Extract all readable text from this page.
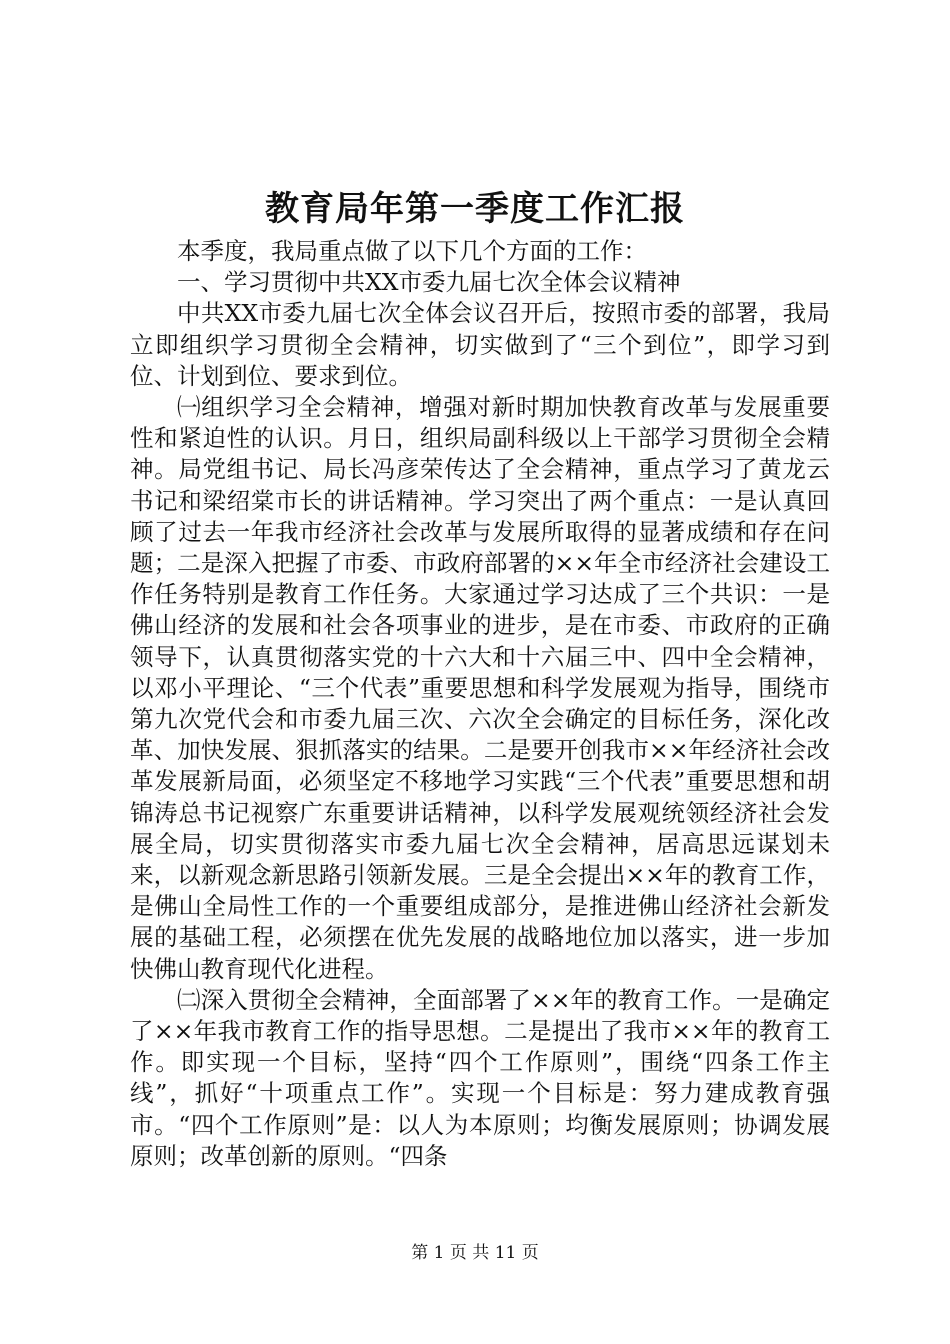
教育局年第一季度工作汇报

本季度，我局重点做了以下几个方面的工作：

一、学习贯彻中共XX市委九届七次全体会议精神

中共XX市委九届七次全体会议召开后，按照市委的部署，我局立即组织学习贯彻全会精神，切实做到了“三个到位”，即学习到位、计划到位、要求到位。

㈠组织学习全会精神，增强对新时期加快教育改革与发展重要性和紧迫性的认识。月日，组织局副科级以上干部学习贯彻全会精神。局党组书记、局长冯彦荣传达了全会精神，重点学习了黄龙云书记和梁绍棠市长的讲话精神。学习突出了两个重点：一是认真回顾了过去一年我市经济社会改革与发展所取得的显著成绩和存在问题；二是深入把握了市委、市政府部署的××年全市经济社会建设工作任务特别是教育工作任务。大家通过学习达成了三个共识：一是佛山经济的发展和社会各项事业的进步，是在市委、市政府的正确领导下，认真贯彻落实党的十六大和十六届三中、四中全会精神，以邓小平理论、“三个代表”重要思想和科学发展观为指导，围绕市第九次党代会和市委九届三次、六次全会确定的目标任务，深化改革、加快发展、狠抓落实的结果。二是要开创我市××年经济社会改革发展新局面，必须坚定不移地学习实践“三个代表”重要思想和胡锦涛总书记视察广东重要讲话精神，以科学发展观统领经济社会发展全局，切实贯彻落实市委九届七次全会精神，居高思远谋划未来，以新观念新思路引领新发展。三是全会提出××年的教育工作，是佛山全局性工作的一个重要组成部分，是推进佛山经济社会新发展的基础工程，必须摆在优先发展的战略地位加以落实，进一步加快佛山教育现代化进程。

㈡深入贯彻全会精神，全面部署了××年的教育工作。一是确定了××年我市教育工作的指导思想。二是提出了我市××年的教育工作。即实现一个目标，坚持“四个工作原则”，围绕“四条工作主线”，抓好“十项重点工作”。实现一个目标是：努力建成教育强市。“四个工作原则”是：以人为本原则；均衡发展原则；协调发展原则；改革创新的原则。“四条

第 1 页 共 11 页
